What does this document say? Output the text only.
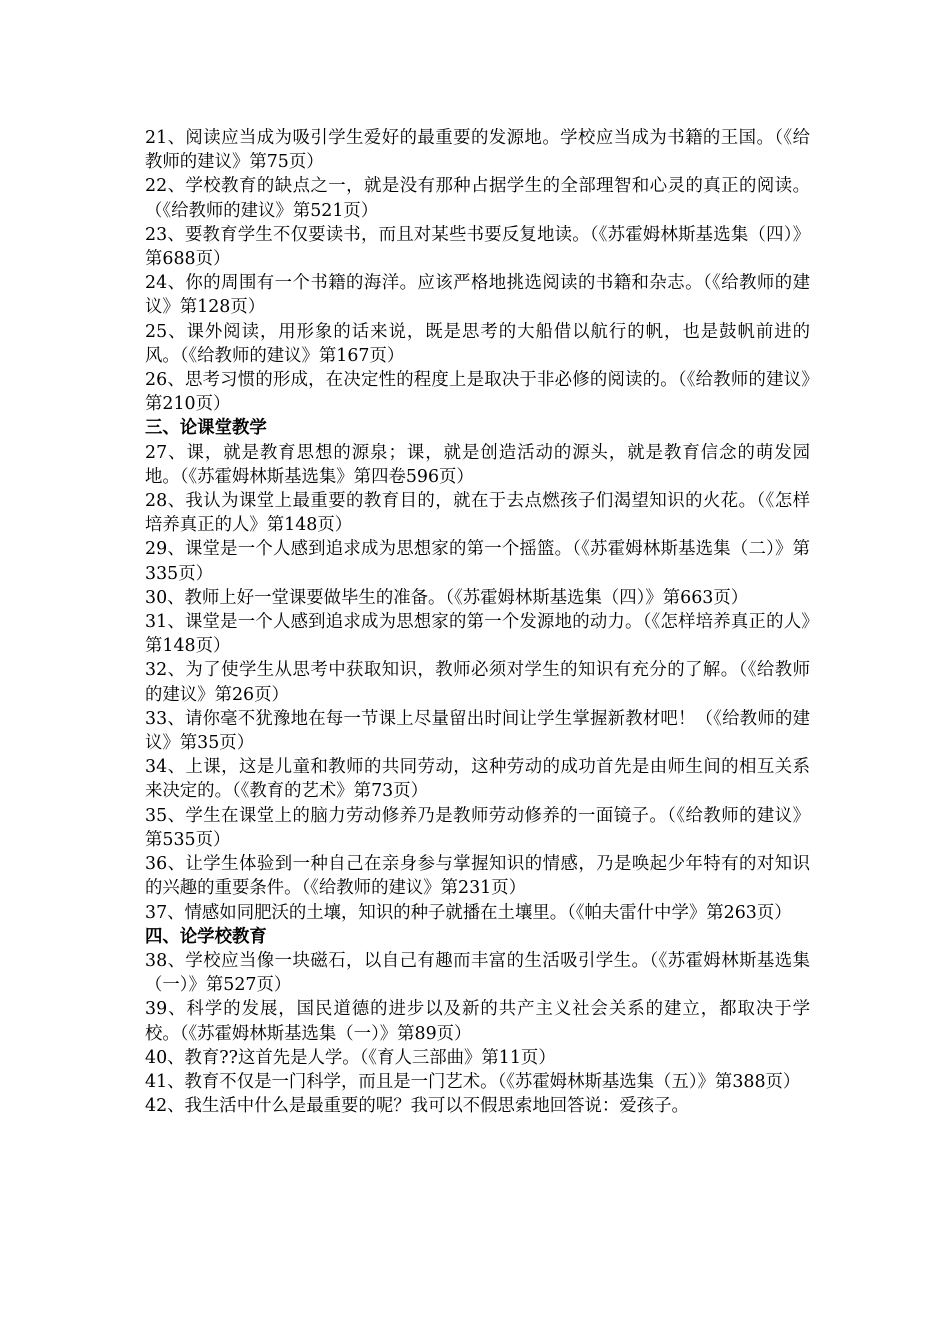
21、阅读应当成为吸引学生爱好的最重要的发源地。学校应当成为书籍的王国。（《给教师的建议》第75页）

22、学校教育的缺点之一，就是没有那种占据学生的全部理智和心灵的真正的阅读。（《给教师的建议》第521页）

23、要教育学生不仅要读书，而且对某些书要反复地读。（《苏霍姆林斯基选集（四）》第688页）

24、你的周围有一个书籍的海洋。应该严格地挑选阅读的书籍和杂志。（《给教师的建议》第128页）

25、课外阅读，用形象的话来说，既是思考的大船借以航行的帆，也是鼓帆前进的风。（《给教师的建议》第167页）

26、思考习惯的形成，在决定性的程度上是取决于非必修的阅读的。（《给教师的建议》第210页）

三、论课堂教学

27、课，就是教育思想的源泉；课，就是创造活动的源头，就是教育信念的萌发园地。（《苏霍姆林斯基选集》第四卷596页）

28、我认为课堂上最重要的教育目的，就在于去点燃孩子们渴望知识的火花。（《怎样培养真正的人》第148页）

29、课堂是一个人感到追求成为思想家的第一个摇篮。（《苏霍姆林斯基选集（二）》第335页）

30、教师上好一堂课要做毕生的准备。（《苏霍姆林斯基选集（四）》第663页）

31、课堂是一个人感到追求成为思想家的第一个发源地的动力。（《怎样培养真正的人》第148页）

32、为了使学生从思考中获取知识，教师必须对学生的知识有充分的了解。（《给教师的建议》第26页）

33、请你毫不犹豫地在每一节课上尽量留出时间让学生掌握新教材吧！（《给教师的建议》第35页）

34、上课，这是儿童和教师的共同劳动，这种劳动的成功首先是由师生间的相互关系来决定的。（《教育的艺术》第73页）

35、学生在课堂上的脑力劳动修养乃是教师劳动修养的一面镜子。（《给教师的建议》第535页）

36、让学生体验到一种自己在亲身参与掌握知识的情感，乃是唤起少年特有的对知识的兴趣的重要条件。（《给教师的建议》第231页）

37、情感如同肥沃的土壤，知识的种子就播在土壤里。（《帕夫雷什中学》第263页）

四、论学校教育

38、学校应当像一块磁石，以自己有趣而丰富的生活吸引学生。（《苏霍姆林斯基选集（一）》第527页）

39、科学的发展，国民道德的进步以及新的共产主义社会关系的建立，都取决于学校。（《苏霍姆林斯基选集（一）》第89页）

40、教育??这首先是人学。（《育人三部曲》第11页）

41、教育不仅是一门科学，而且是一门艺术。（《苏霍姆林斯基选集（五）》第388页）

42、我生活中什么是最重要的呢？我可以不假思索地回答说：爱孩子。
